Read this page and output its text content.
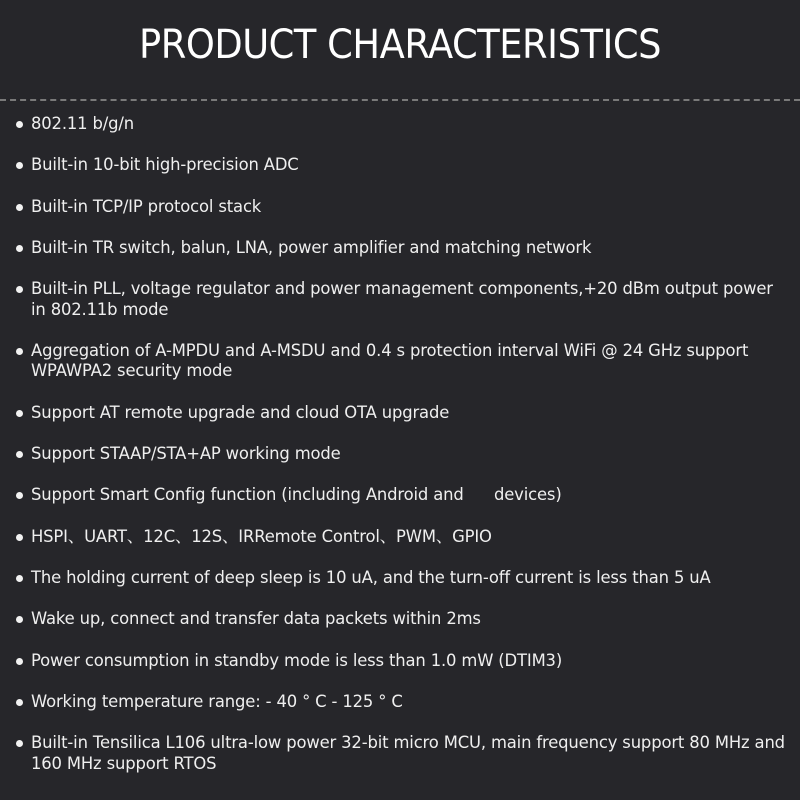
PRODUCT CHARACTERISTICS
802.11 b/g/n
Built-in 10-bit high-precision ADC
Built-in TCP/IP protocol stack
Built-in TR switch, balun, LNA, power amplifier and matching network
Built-in PLL, voltage regulator and power management components,+20 dBm output power in 802.11b mode
Aggregation of A-MPDU and A-MSDU and 0.4 s protection interval WiFi @ 24 GHz support WPAWPA2 security mode
Support AT remote upgrade and cloud OTA upgrade
Support STAAP/STA+AP working mode
Support Smart Config function (including Android and      devices)
HSPI、UART、12C、12S、IRRemote Control、PWM、GPIO
The holding current of deep sleep is 10 uA, and the turn-off current is less than 5 uA
Wake up, connect and transfer data packets within 2ms
Power consumption in standby mode is less than 1.0 mW (DTIM3)
Working temperature range: - 40 ° C - 125 ° C
Built-in Tensilica L106 ultra-low power 32-bit micro MCU, main frequency support 80 MHz and 160 MHz support RTOS
